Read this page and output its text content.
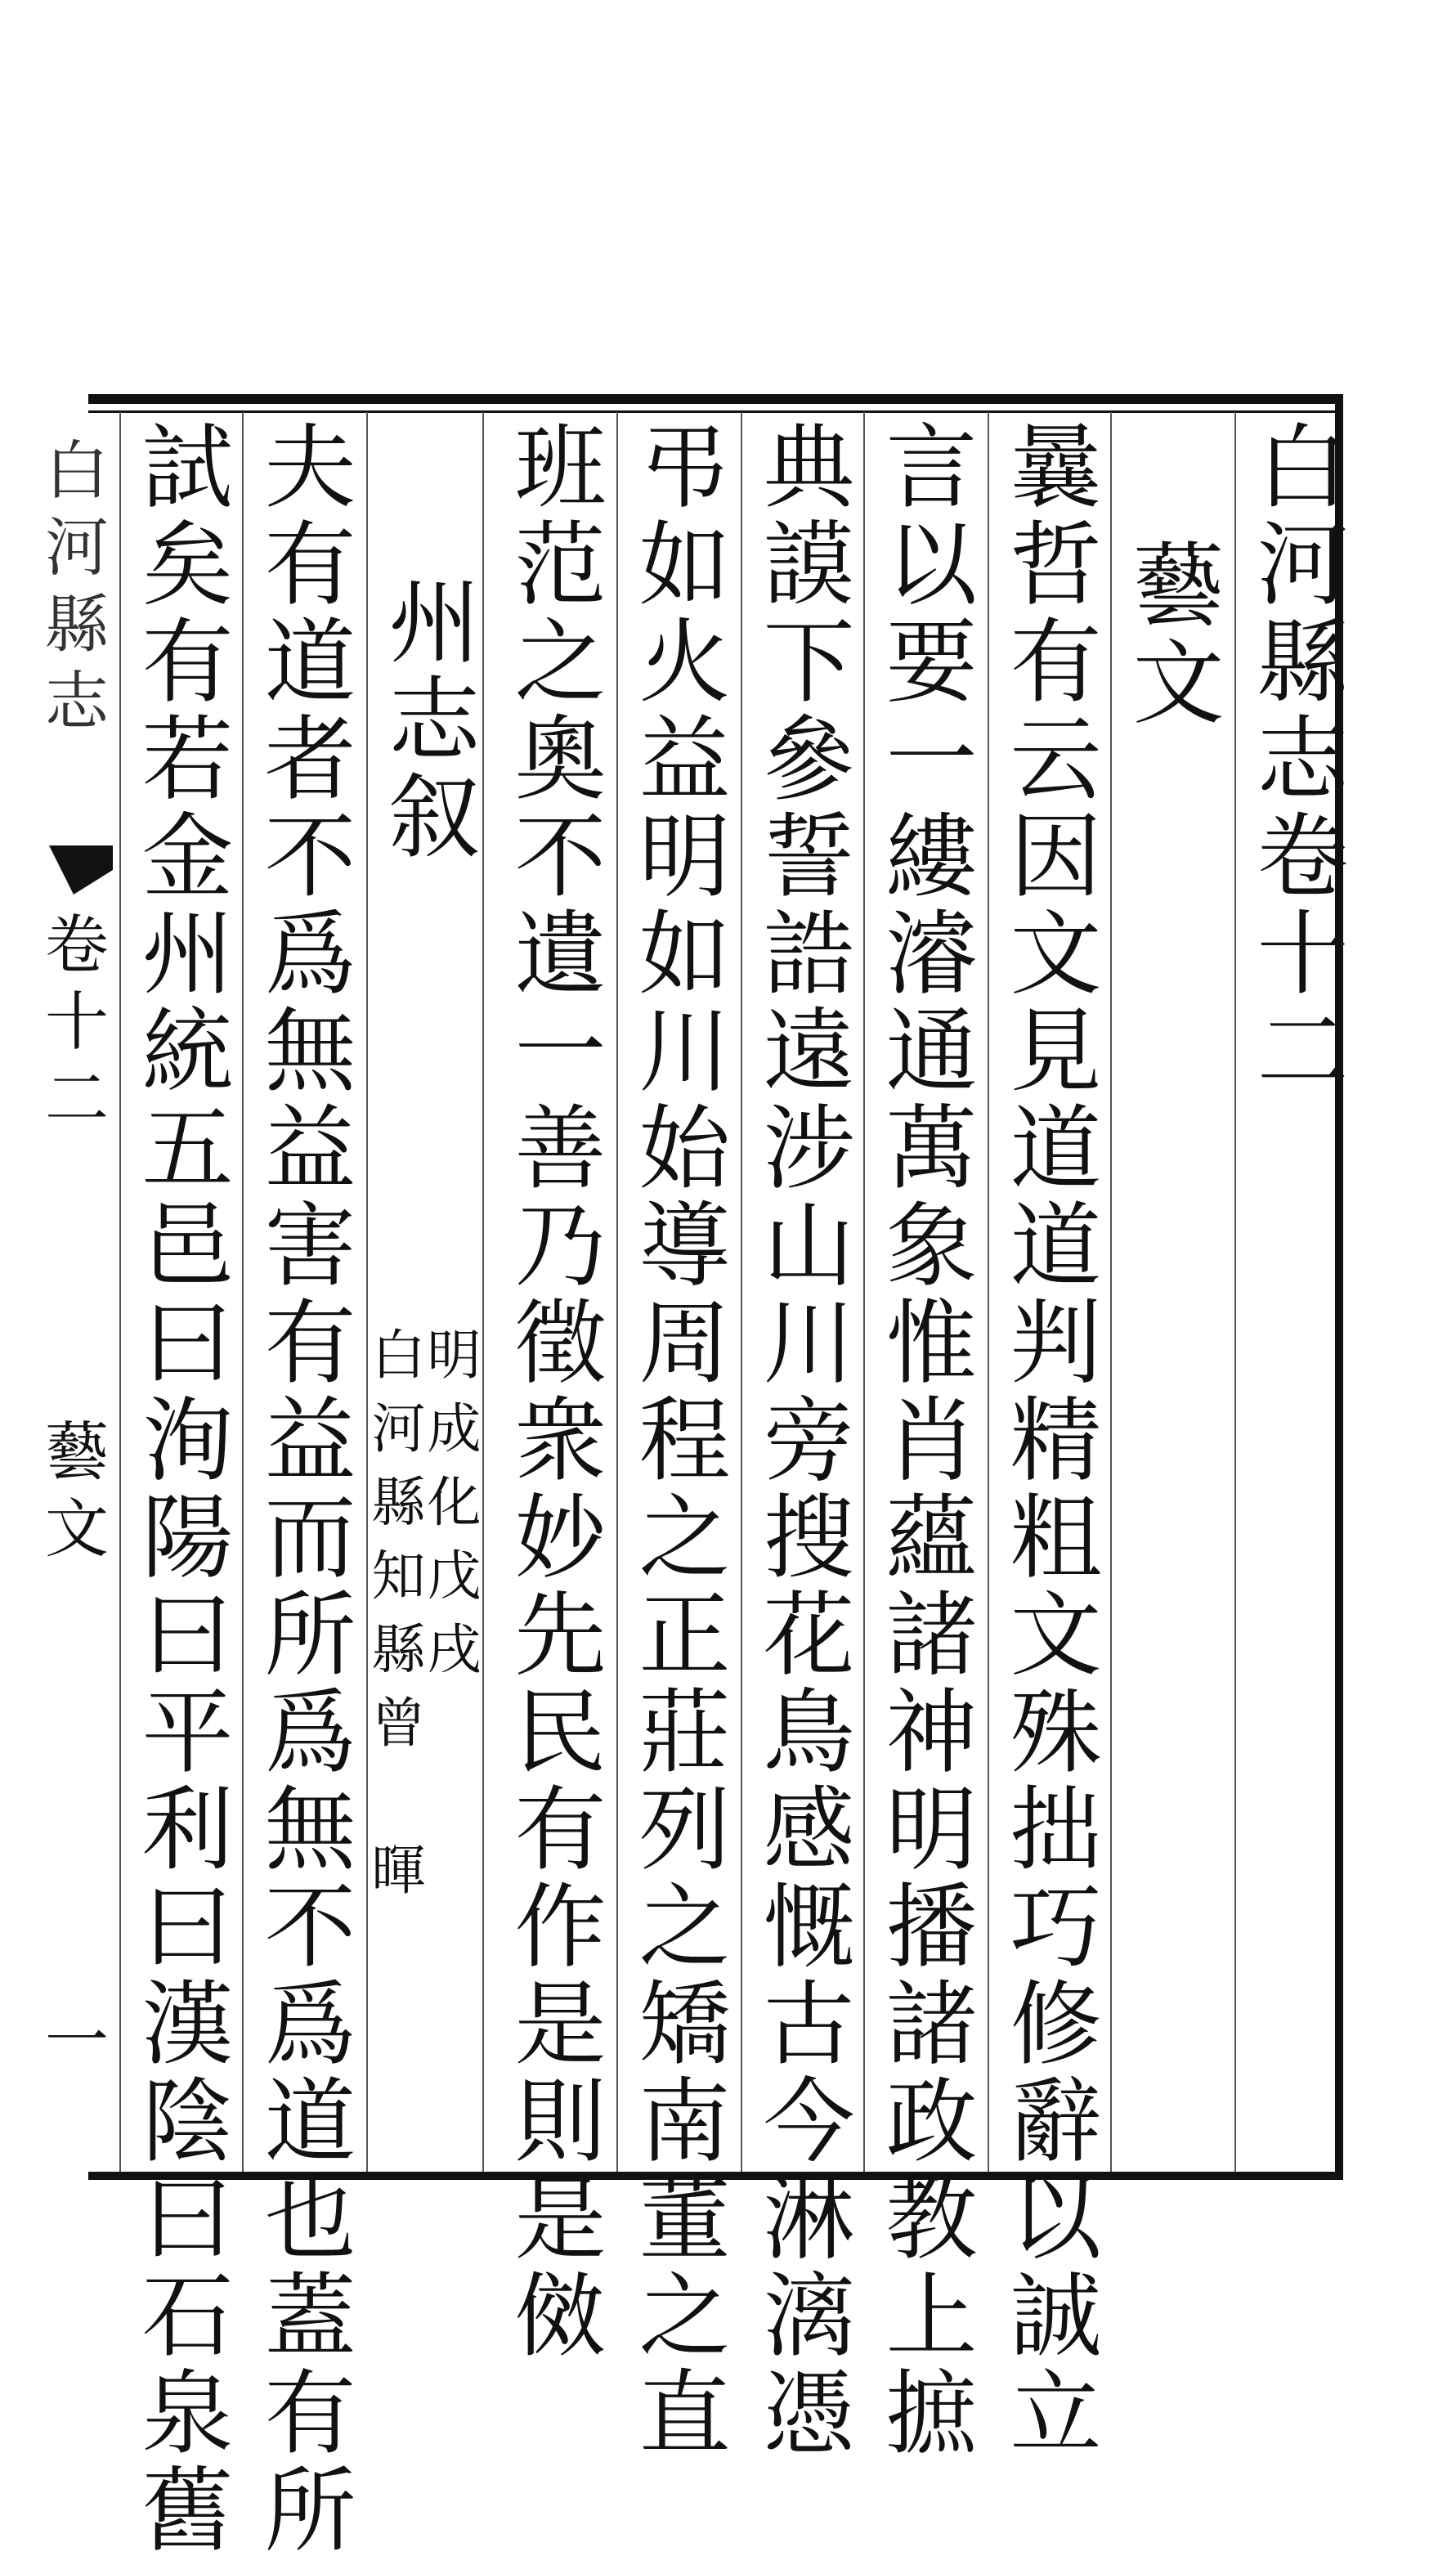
白河縣志卷十二
藝文
曩哲有云因文見道道判精粗文殊拙巧修辭以誠立
言以要一縷濬通萬象惟肖蘊諸神明播諸政教上摭
典謨下參誓誥遠涉山川旁搜花鳥感慨古今淋漓憑
弔如火益明如川始導周程之正莊列之矯南董之直
班范之奧不遺一善乃徵衆妙先民有作是則是傚
州志叙
明成化戊戌
白河縣知縣曾　暉
夫有道者不爲無益害有益而所爲無不爲道也蓋有所
試矣有若金州統五邑曰洵陽曰平利曰漢陰曰石泉舊
白河縣志
卷十二
藝文
一
